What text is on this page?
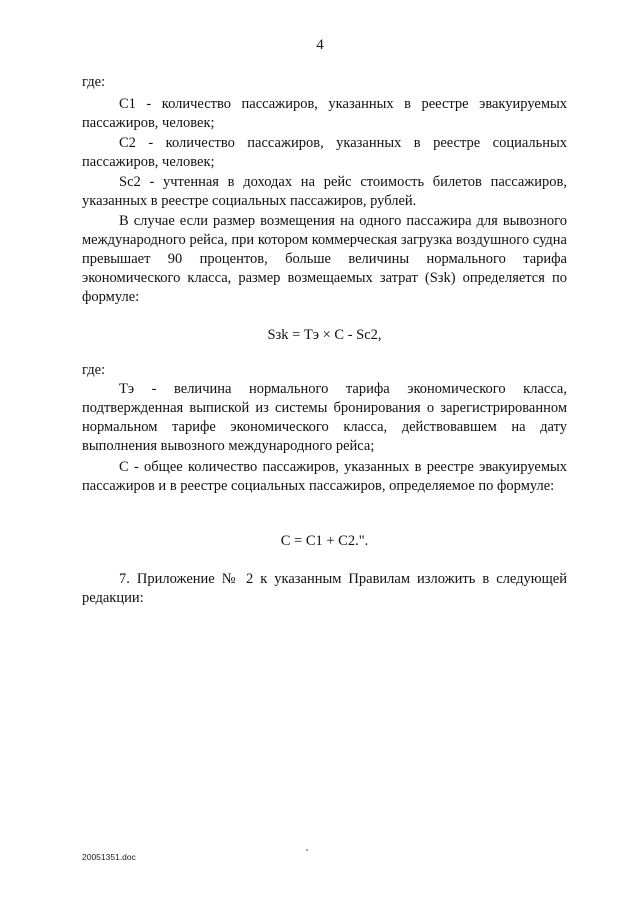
4

где:

С1 - количество пассажиров, указанных в реестре эвакуируемых пассажиров, человек;

С2 - количество пассажиров, указанных в реестре социальных пассажиров, человек;

Sc2 - учтенная в доходах на рейс стоимость билетов пассажиров, указанных в реестре социальных пассажиров, рублей.

В случае если размер возмещения на одного пассажира для вывозного международного рейса, при котором коммерческая загрузка воздушного судна превышает 90 процентов, больше величины нормального тарифа экономического класса, размер возмещаемых затрат (Sзk) определяется по формуле:

Sзk = Тэ × С - Sc2,

где:

Тэ - величина нормального тарифа экономического класса, подтвержденная выпиской из системы бронирования о зарегистрированном нормальном тарифе экономического класса, действовавшем на дату выполнения вывозного международного рейса;

С - общее количество пассажиров, указанных в реестре эвакуируемых пассажиров и в реестре социальных пассажиров, определяемое по формуле:

С = С1 + С2.".

7. Приложение № 2 к указанным Правилам изложить в следующей редакции:

20051351.doc
